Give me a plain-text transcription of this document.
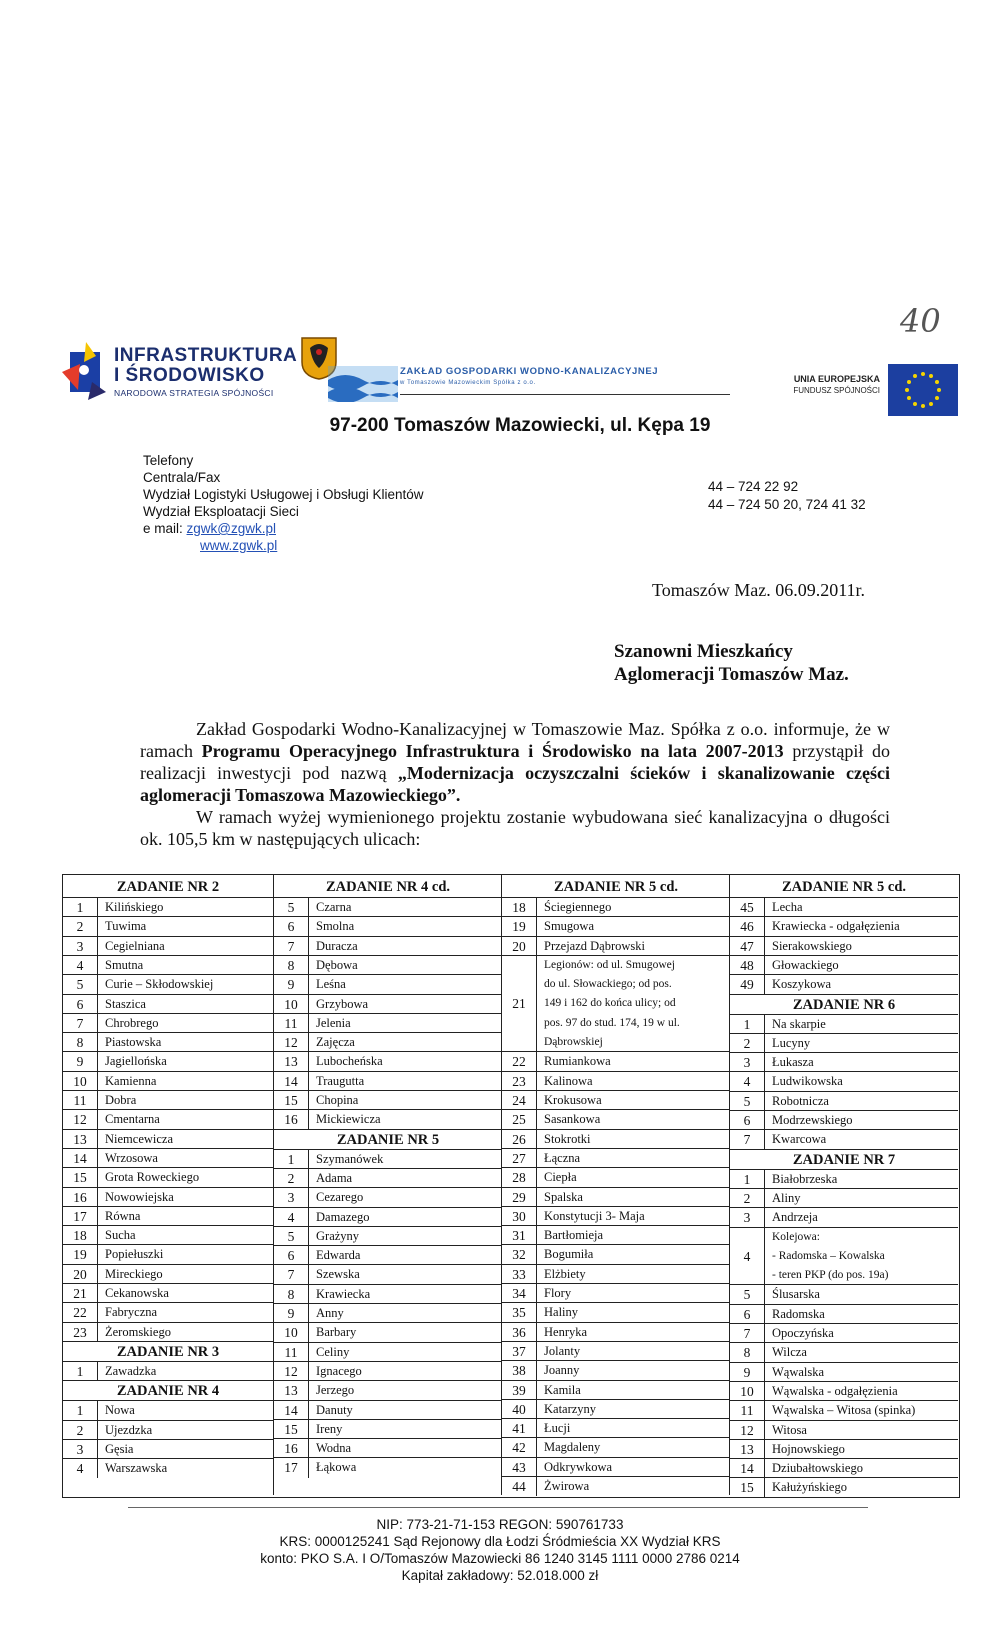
40
INFRASTRUKTURA
I ŚRODOWISKO
NARODOWA STRATEGIA SPÓJNOŚCI
ZAKŁAD GOSPODARKI WODNO-KANALIZACYJNEJ
w Tomaszowie Mazowieckim Spółka z o.o.	UNIA EUROPEJSKA
FUNDUSZ SPÓJNOŚCI
97-200 Tomaszów Mazowiecki, ul. Kępa 19
Telefony
Centrala/Fax
Wydział Logistyki Usługowej i Obsługi Klientów
Wydział Eksploatacji Sieci
e mail: zgwk@zgwk.pl
www.zgwk.pl
44 – 724 22 92
44 – 724 50 20, 724 41 32
Tomaszów Maz. 06.09.2011r.
Szanowni Mieszkańcy
Aglomeracji Tomaszów Maz.

Zakład Gospodarki Wodno-Kanalizacyjnej w Tomaszowie Maz. Spółka z o.o. informuje, że w ramach Programu Operacyjnego Infrastruktura i Środowisko na lata 2007-2013 przystąpił do realizacji inwestycji pod nazwą „Modernizacja oczyszczalni ścieków i skanalizowanie części aglomeracji Tomaszowa Mazowieckiego”.

W ramach wyżej wymienionego projektu zostanie wybudowana sieć kanalizacyjna o długości ok. 105,5 km w następujących ulicach:

ZADANIE NR 2
1	Kilińskiego
2	Tuwima
3	Cegielniana
4	Smutna
5	Curie – Skłodowskiej
6	Staszica
7	Chrobrego
8	Piastowska
9	Jagiellońska
10	Kamienna
11	Dobra
12	Cmentarna
13	Niemcewicza
14	Wrzosowa
15	Grota Roweckiego
16	Nowowiejska
17	Równa
18	Sucha
19	Popiełuszki
20	Mireckiego
21	Cekanowska
22	Fabryczna
23	Żeromskiego
ZADANIE NR 3
1	Zawadzka
ZADANIE NR 4
1	Nowa
2	Ujezdzka
3	Gęsia
4	Warszawska
ZADANIE NR 4 cd.
5	Czarna
6	Smolna
7	Duracza
8	Dębowa
9	Leśna
10	Grzybowa
11	Jelenia
12	Zajęcza
13	Lubocheńska
14	Traugutta
15	Chopina
16	Mickiewicza
ZADANIE NR 5
1	Szymanówek
2	Adama
3	Cezarego
4	Damazego
5	Grażyny
6	Edwarda
7	Szewska
8	Krawiecka
9	Anny
10	Barbary
11	Celiny
12	Ignacego
13	Jerzego
14	Danuty
15	Ireny
16	Wodna
17	Łąkowa
ZADANIE NR 5 cd.
18	Ściegiennego
19	Smugowa
20	Przejazd Dąbrowski
21
Legionów: od ul. Smugowej
do ul. Słowackiego; od pos.
149 i 162 do końca ulicy; od
pos. 97 do stud. 174, 19 w ul.
Dąbrowskiej
22	Rumiankowa
23	Kalinowa
24	Krokusowa
25	Sasankowa
26	Stokrotki
27	Łączna
28	Ciepła
29	Spalska
30	Konstytucji 3- Maja
31	Bartłomieja
32	Bogumiła
33	Elżbiety
34	Flory
35	Haliny
36	Henryka
37	Jolanty
38	Joanny
39	Kamila
40	Katarzyny
41	Łucji
42	Magdaleny
43	Odkrywkowa
44	Żwirowa
ZADANIE NR 5 cd.
45	Lecha
46	Krawiecka - odgałęzienia
47	Sierakowskiego
48	Głowackiego
49	Koszykowa
ZADANIE NR 6
1	Na skarpie
2	Lucyny
3	Łukasza
4	Ludwikowska
5	Robotnicza
6	Modrzewskiego
7	Kwarcowa
ZADANIE NR 7
1	Białobrzeska
2	Aliny
3	Andrzeja
4
Kolejowa:
- Radomska – Kowalska
- teren PKP (do pos. 19a)
5	Ślusarska
6	Radomska
7	Opoczyńska
8	Wilcza
9	Wąwalska
10	Wąwalska - odgałęzienia
11	Wąwalska – Witosa (spinka)
12	Witosa
13	Hojnowskiego
14	Dziubałtowskiego
15	Kałużyńskiego
NIP: 773-21-71-153 REGON: 590761733
KRS: 0000125241 Sąd Rejonowy dla Łodzi Śródmieścia XX Wydział KRS
konto: PKO S.A. I O/Tomaszów Mazowiecki 86 1240 3145 1111 0000 2786 0214
Kapitał zakładowy: 52.018.000 zł
